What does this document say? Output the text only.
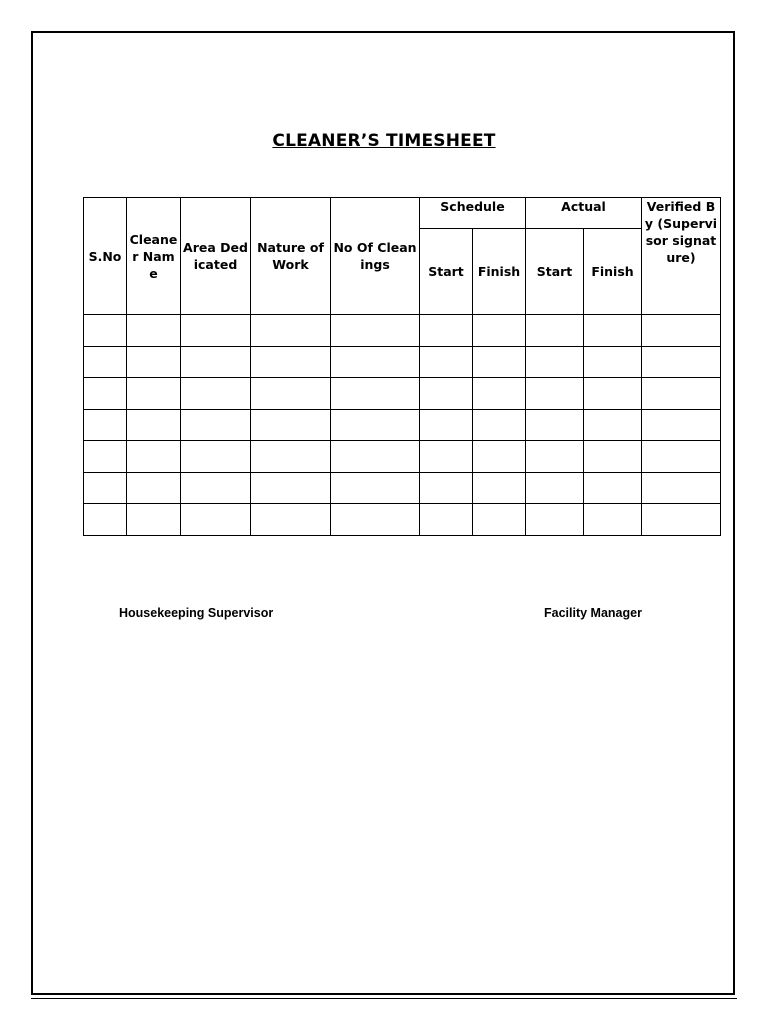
CLEANER’S TIMESHEET
S.No	Cleaner Name	Area Dedicated	Nature of Work	No Of Cleanings	Schedule		Actual		Verified By (Supervisor signature)
					Start	Finish	Start	Finish	

Housekeeping Supervisor	Facility Manager
